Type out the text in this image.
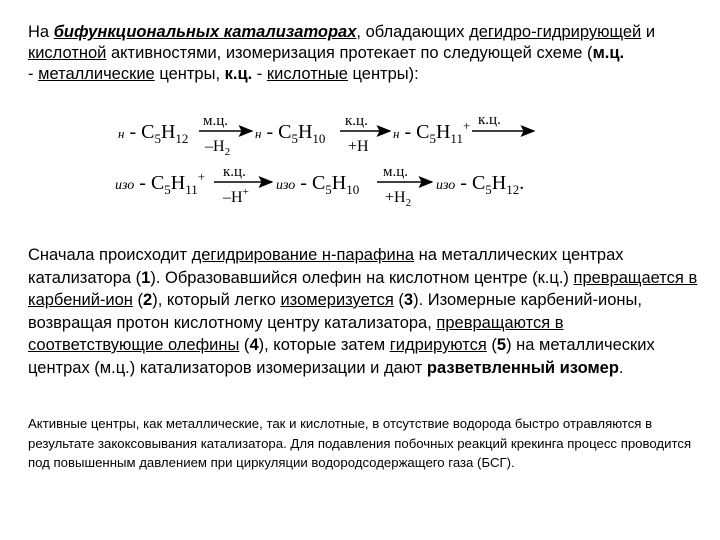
На бифункциональных катализаторах, обладающих дегидро-гидрирующей и кислотной активностями, изомеризация протекает по следующей схеме (м.ц.
- металлические центры, к.ц. - кислотные центры):

н - $C_5H_{12}$
м.ц.
$-H_2$
н - $C_5H_{10}$
к.ц.
+H
н - $C_5H_{11}^+$ к.ц.
изо - $C_5H_{11}^+$ к.ц.
–H+ изо - $C_5H_{10}$
м.ц.
$+H_2$
изо - $C_5H_{12}$.

Сначала происходит дегидрирование н-парафина на металлических центрах катализатора (1). Образовавшийся олефин на кислотном центре (к.ц.) превращается в карбений-ион (2), который легко изомеризуется (3). Изомерные карбений-ионы, возвращая протон кислотному центру катализатора, превращаются в соответствующие олефины (4), которые затем гидрируются (5) на металлических центрах (м.ц.) катализаторов изомеризации и дают разветвленный изомер.

Активные центры, как металлические, так и кислотные, в отсутствие водорода быстро отравляются в результате закоксовывания катализатора. Для подавления побочных реакций крекинга процесс проводится под повышенным давлением при циркуляции водородсодержащего газа (БСГ).
